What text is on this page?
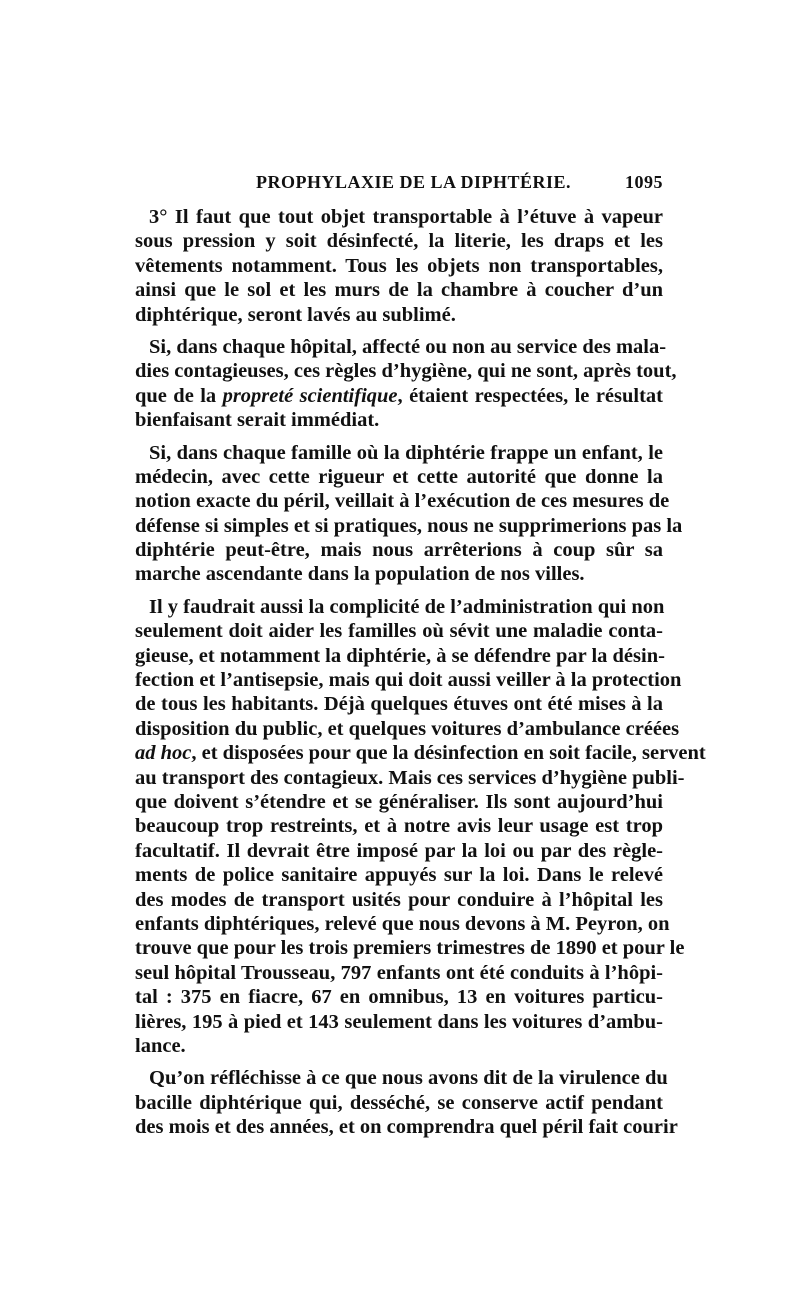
PROPHYLAXIE DE LA DIPHTÉRIE.	1095
3° Il faut que tout objet transportable à l’étuve à vapeur
sous pression y soit désinfecté, la literie, les draps et les
vêtements notamment. Tous les objets non transportables,
ainsi que le sol et les murs de la chambre à coucher d’un
diphtérique, seront lavés au sublimé.
Si, dans chaque hôpital, affecté ou non au service des mala-
dies contagieuses, ces règles d’hygiène, qui ne sont, après tout,
que de la propreté scientifique, étaient respectées, le résultat
bienfaisant serait immédiat.
Si, dans chaque famille où la diphtérie frappe un enfant, le
médecin, avec cette rigueur et cette autorité que donne la
notion exacte du péril, veillait à l’exécution de ces mesures de
défense si simples et si pratiques, nous ne supprimerions pas la
diphtérie peut-être, mais nous arrêterions à coup sûr sa
marche ascendante dans la population de nos villes.
Il y faudrait aussi la complicité de l’administration qui non
seulement doit aider les familles où sévit une maladie conta-
gieuse, et notamment la diphtérie, à se défendre par la désin-
fection et l’antisepsie, mais qui doit aussi veiller à la protection
de tous les habitants. Déjà quelques étuves ont été mises à la
disposition du public, et quelques voitures d’ambulance créées
ad hoc, et disposées pour que la désinfection en soit facile, servent
au transport des contagieux. Mais ces services d’hygiène publi-
que doivent s’étendre et se généraliser. Ils sont aujourd’hui
beaucoup trop restreints, et à notre avis leur usage est trop
facultatif. Il devrait être imposé par la loi ou par des règle-
ments de police sanitaire appuyés sur la loi. Dans le relevé
des modes de transport usités pour conduire à l’hôpital les
enfants diphtériques, relevé que nous devons à M. Peyron, on
trouve que pour les trois premiers trimestres de 1890 et pour le
seul hôpital Trousseau, 797 enfants ont été conduits à l’hôpi-
tal : 375 en fiacre, 67 en omnibus, 13 en voitures particu-
lières, 195 à pied et 143 seulement dans les voitures d’ambu-
lance.
Qu’on réfléchisse à ce que nous avons dit de la virulence du
bacille diphtérique qui, desséché, se conserve actif pendant
des mois et des années, et on comprendra quel péril fait courir
